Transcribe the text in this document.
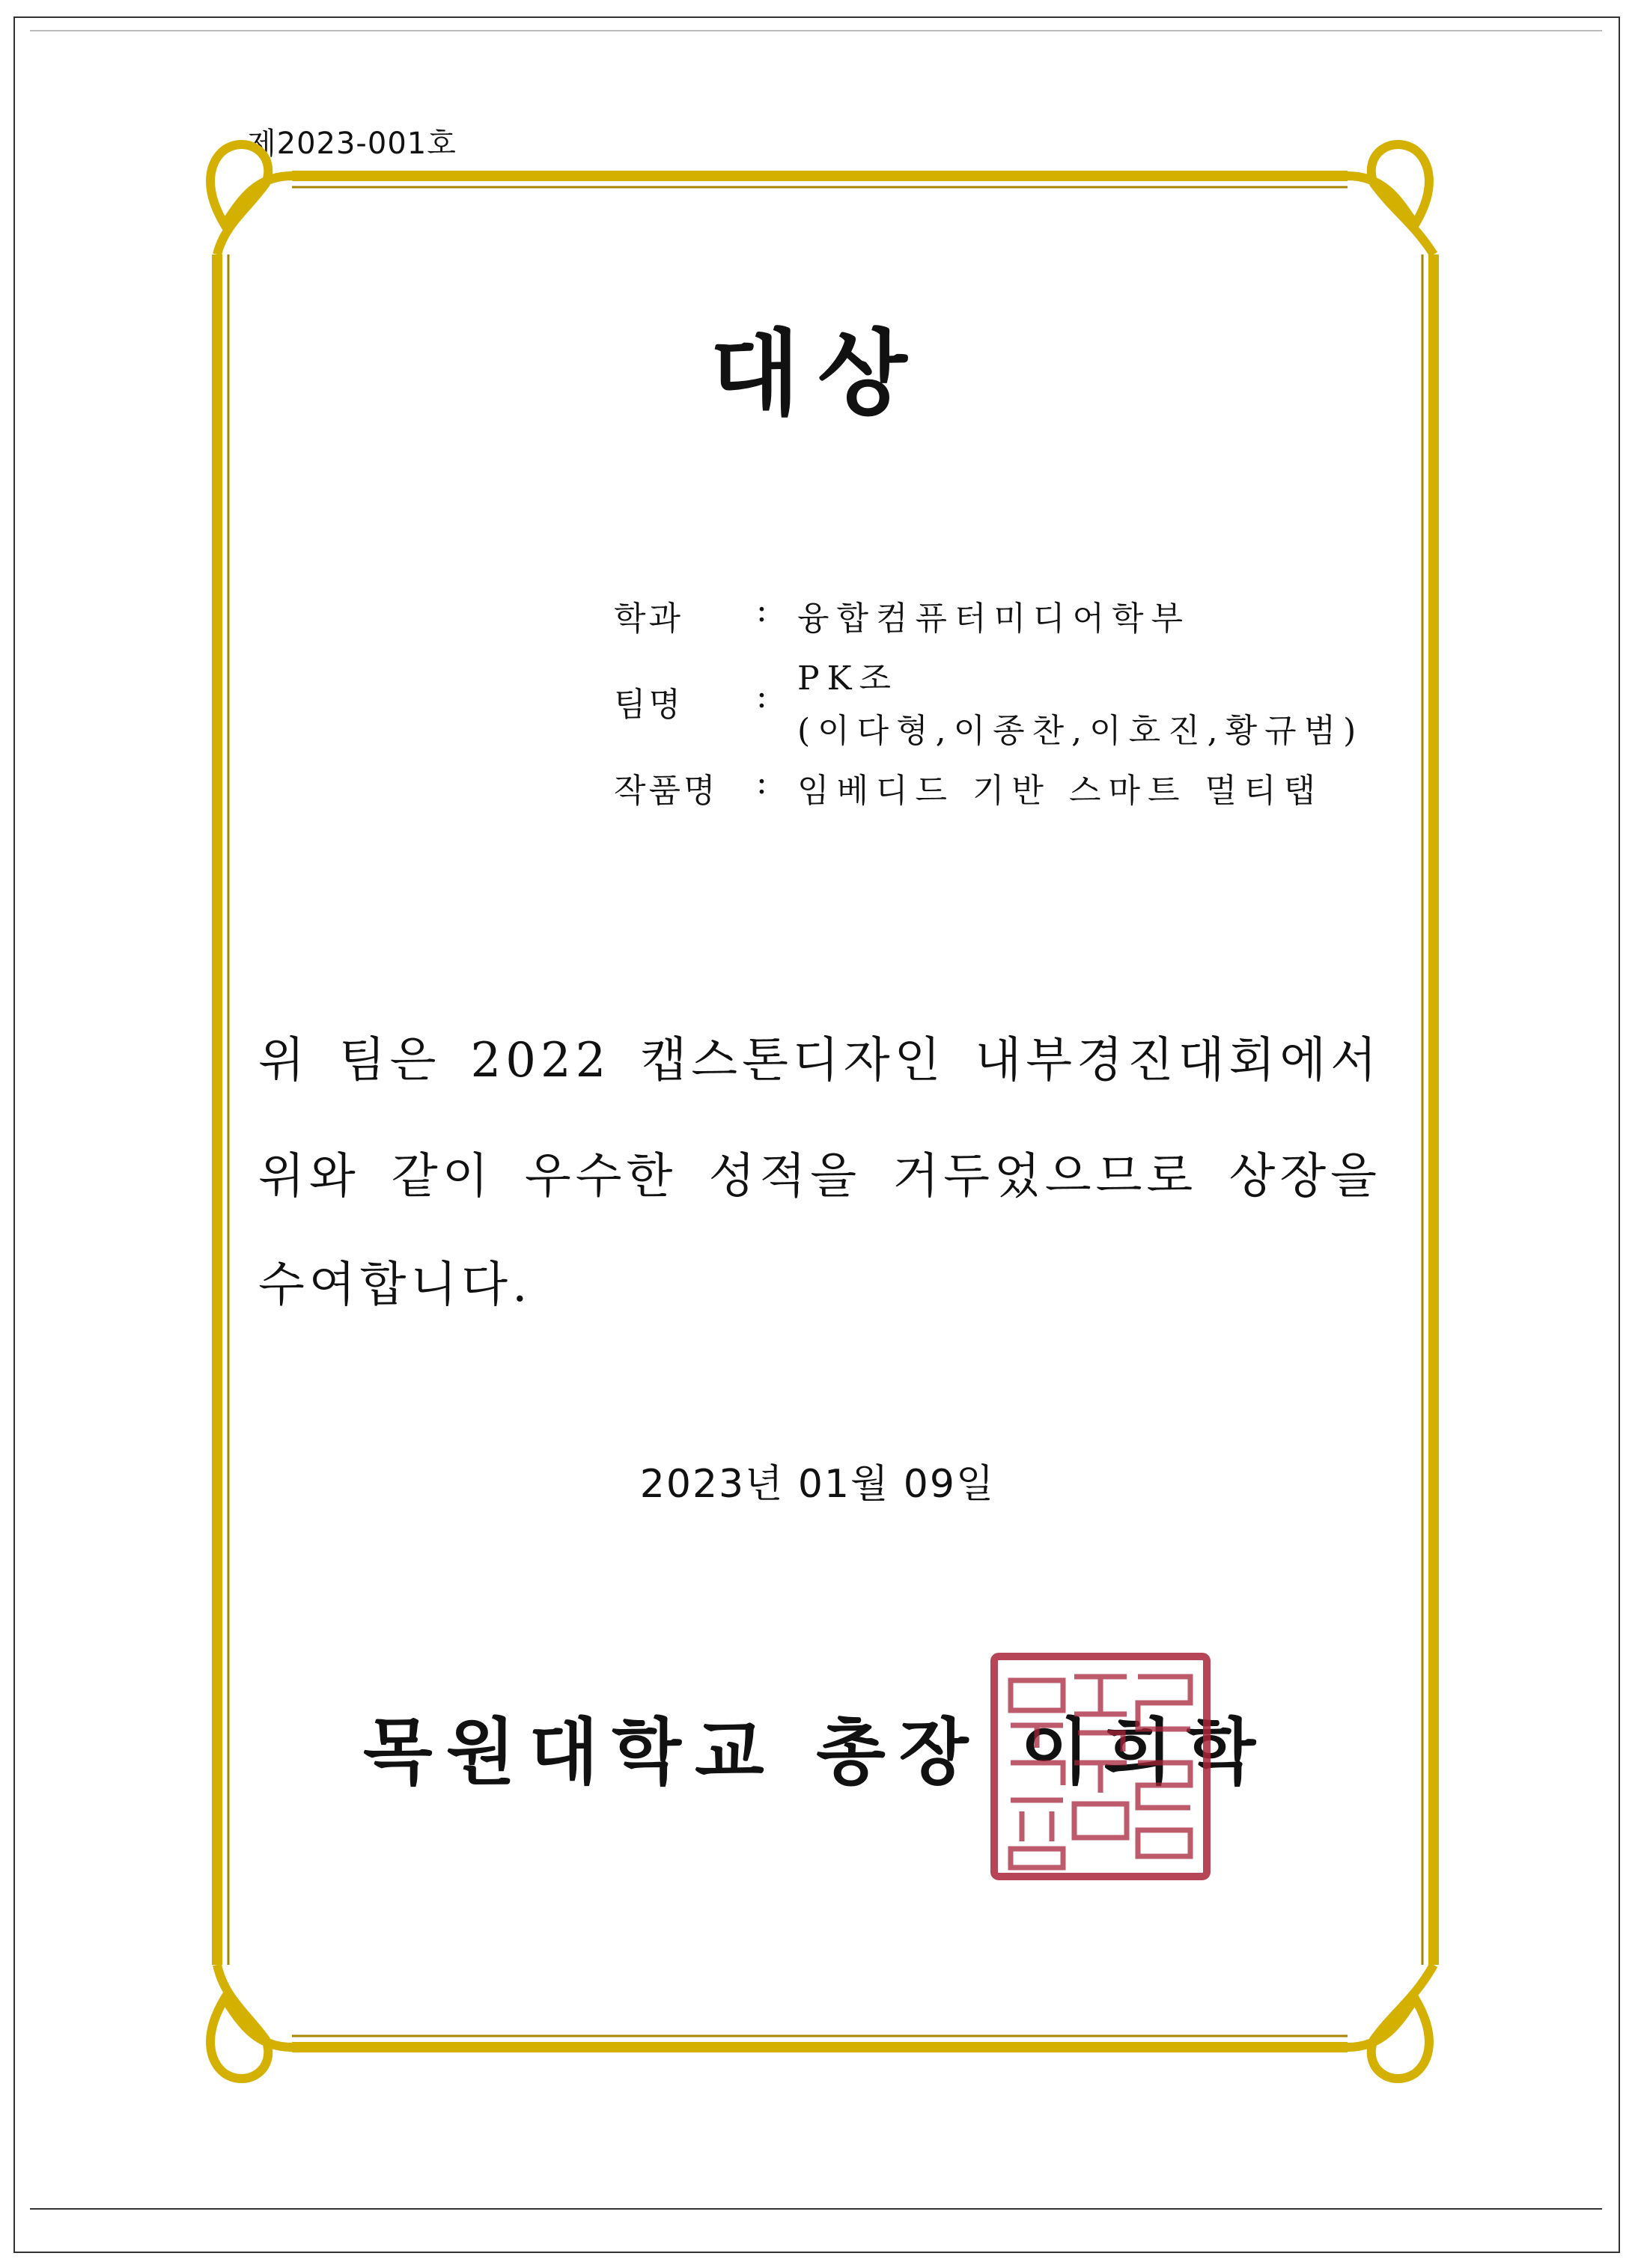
제2023-001호
대상
학과	: 융합컴퓨터미디어학부
팀명	: PK조
(이다형,이종찬,이호진,황규범)
작품명	: 임베디드 기반 스마트 멀티탭
위 팀은 2022 캡스톤디자인 내부경진대회에서
위와 같이 우수한 성적을 거두었으므로 상장을
수여합니다.
2023년 01월 09일
목원대학교 총장 이희학
